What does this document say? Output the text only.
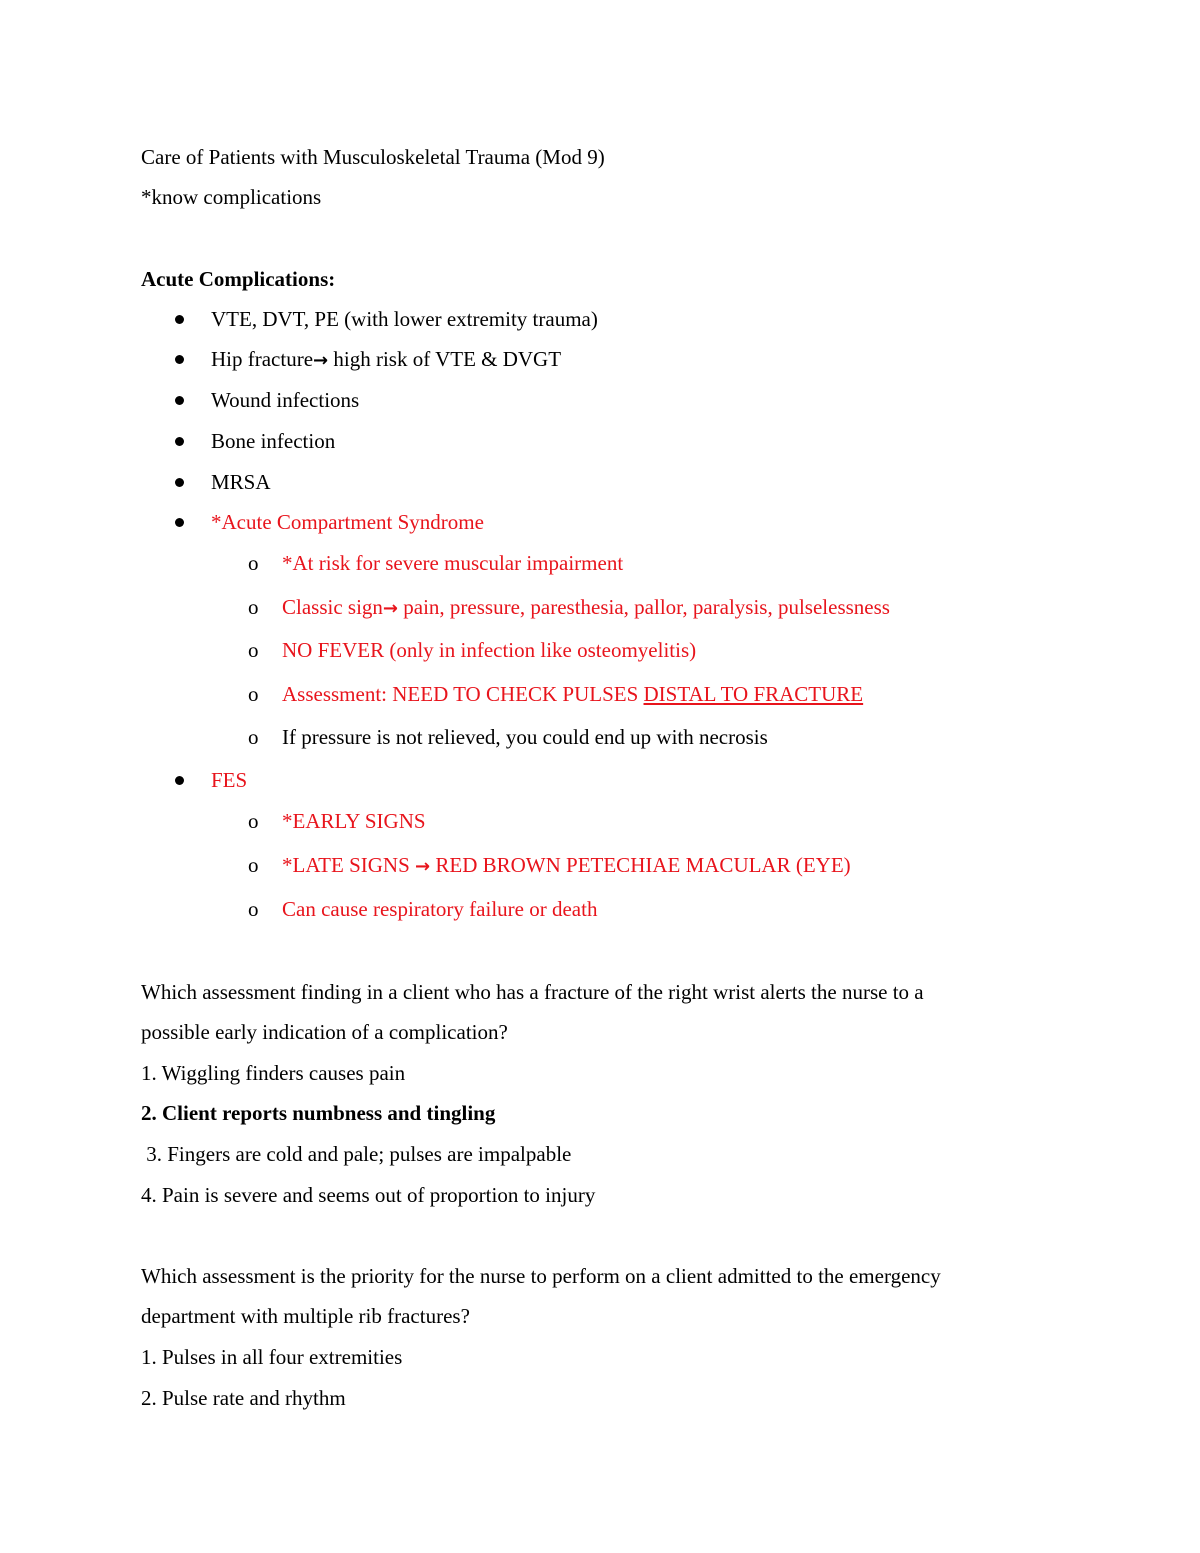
Care of Patients with Musculoskeletal Trauma (Mod 9)
*know complications
Acute Complications:
VTE, DVT, PE (with lower extremity trauma)
Hip fracture→ high risk of VTE & DVGT
Wound infections
Bone infection
MRSA
*Acute Compartment Syndrome
o *At risk for severe muscular impairment
o Classic sign→ pain, pressure, paresthesia, pallor, paralysis, pulselessness
o NO FEVER (only in infection like osteomyelitis)
o Assessment: NEED TO CHECK PULSES DISTAL TO FRACTURE
o If pressure is not relieved, you could end up with necrosis
FES
o *EARLY SIGNS
o *LATE SIGNS → RED BROWN PETECHIAE MACULAR (EYE)
o Can cause respiratory failure or death
Which assessment finding in a client who has a fracture of the right wrist alerts the nurse to a
possible early indication of a complication?
1. Wiggling finders causes pain
2. Client reports numbness and tingling
3. Fingers are cold and pale; pulses are impalpable
4. Pain is severe and seems out of proportion to injury
Which assessment is the priority for the nurse to perform on a client admitted to the emergency
department with multiple rib fractures?
1. Pulses in all four extremities
2. Pulse rate and rhythm
